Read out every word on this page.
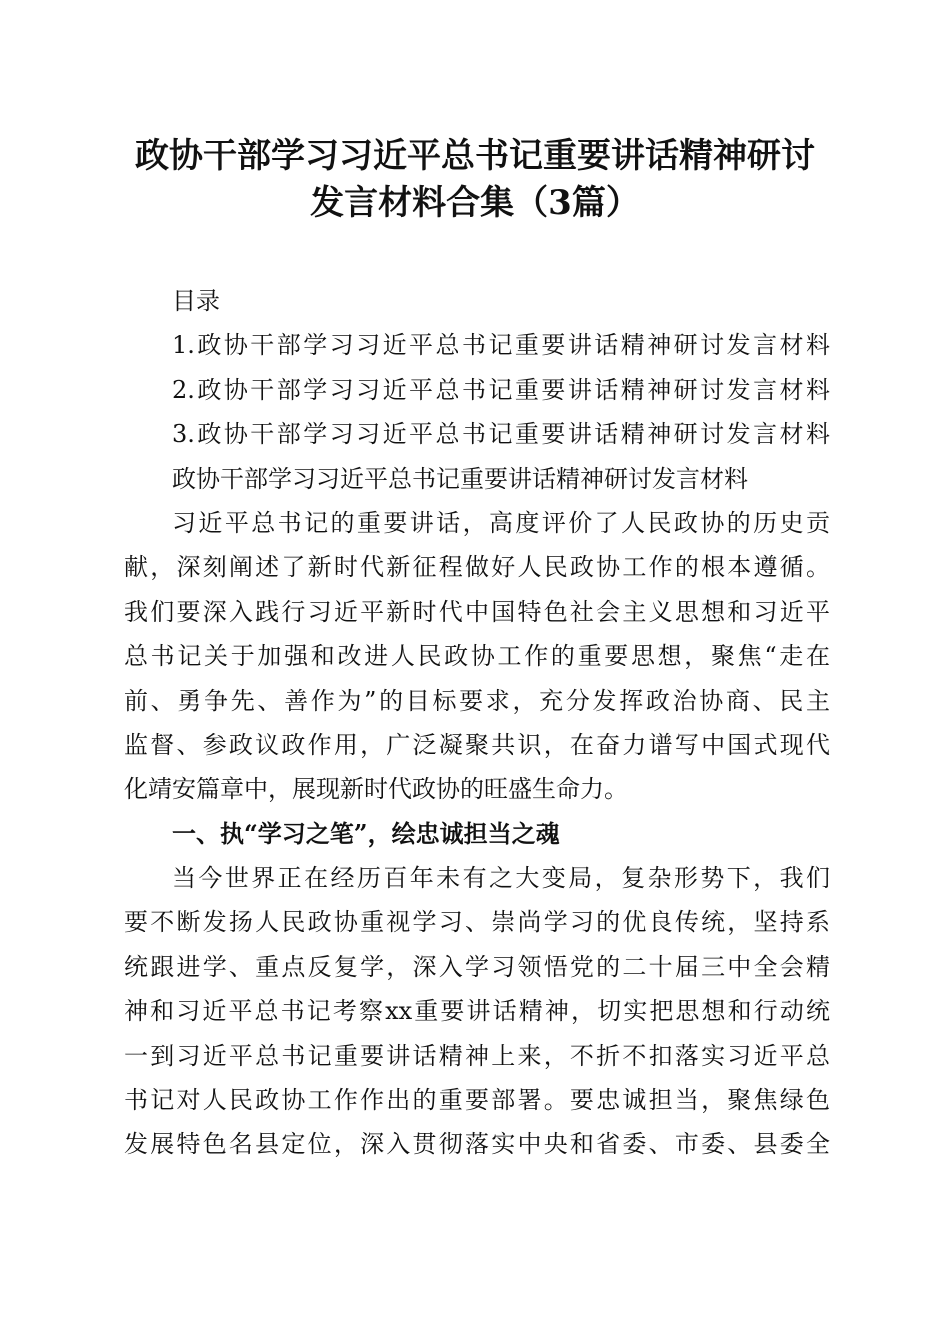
政协干部学习习近平总书记重要讲话精神研讨
发言材料合集（3篇）
目录
1.政协干部学习习近平总书记重要讲话精神研讨发言材料
2.政协干部学习习近平总书记重要讲话精神研讨发言材料
3.政协干部学习习近平总书记重要讲话精神研讨发言材料
政协干部学习习近平总书记重要讲话精神研讨发言材料
习近平总书记的重要讲话，高度评价了人民政协的历史贡
献，深刻阐述了新时代新征程做好人民政协工作的根本遵循。
我们要深入践行习近平新时代中国特色社会主义思想和习近平
总书记关于加强和改进人民政协工作的重要思想，聚焦“走在
前、勇争先、善作为”的目标要求，充分发挥政治协商、民主
监督、参政议政作用，广泛凝聚共识，在奋力谱写中国式现代
化靖安篇章中，展现新时代政协的旺盛生命力。
一、执“学习之笔”，绘忠诚担当之魂
当今世界正在经历百年未有之大变局，复杂形势下，我们
要不断发扬人民政协重视学习、崇尚学习的优良传统，坚持系
统跟进学、重点反复学，深入学习领悟党的二十届三中全会精
神和习近平总书记考察xx重要讲话精神，切实把思想和行动统
一到习近平总书记重要讲话精神上来，不折不扣落实习近平总
书记对人民政协工作作出的重要部署。要忠诚担当，聚焦绿色
发展特色名县定位，深入贯彻落实中央和省委、市委、县委全
